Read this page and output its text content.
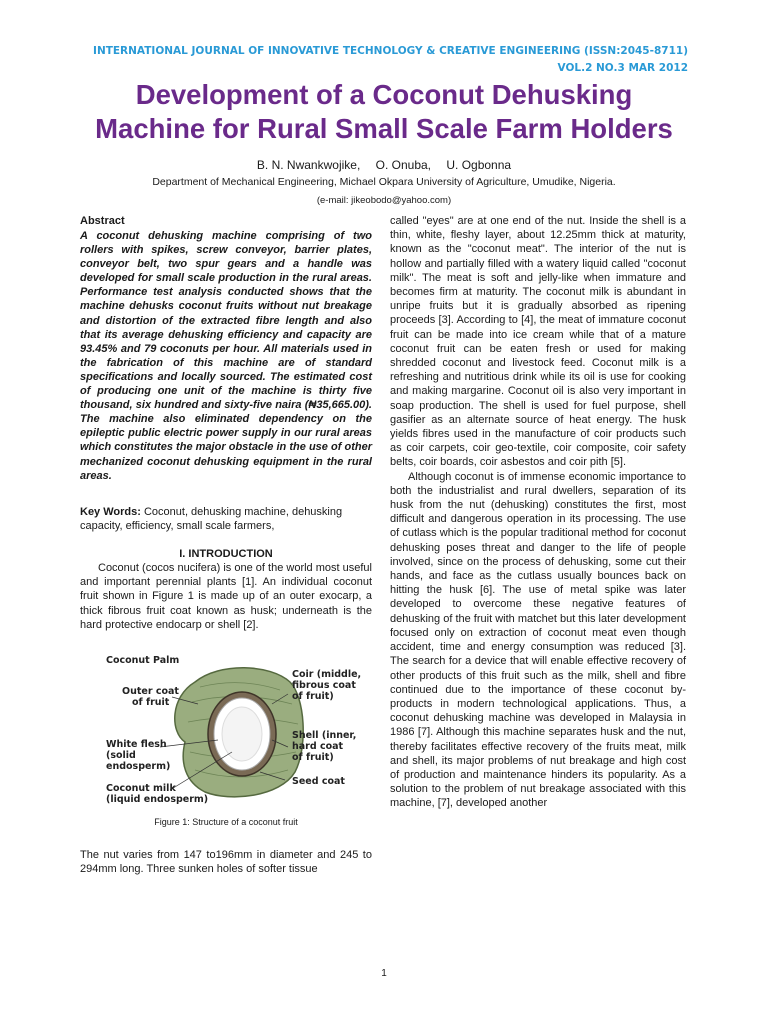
INTERNATIONAL JOURNAL OF INNOVATIVE TECHNOLOGY & CREATIVE ENGINEERING (ISSN:2045-8711)
VOL.2 NO.3 MAR 2012
Development of a Coconut Dehusking
Machine for Rural Small Scale Farm Holders
B. N. Nwankwojike, O. Onuba, U. Ogbonna
Department of Mechanical Engineering, Michael Okpara University of Agriculture, Umudike, Nigeria.
(e-mail: jikeobodo@yahoo.com)
Abstract
A coconut dehusking machine comprising of two rollers with spikes, screw conveyor, barrier plates, conveyor belt, two spur gears and a handle was developed for small scale production in the rural areas. Performance test analysis conducted shows that the machine dehusks coconut fruits without nut breakage and distortion of the extracted fibre length and also that its average dehusking efficiency and capacity are 93.45% and 79 coconuts per hour. All materials used in the fabrication of this machine are of standard specifications and locally sourced. The estimated cost of producing one unit of the machine is thirty five thousand, six hundred and sixty-five naira (₦35,665.00). The machine also eliminated dependency on the epileptic public electric power supply in our rural areas which constitutes the major obstacle in the use of other mechanized coconut dehusking equipment in the rural areas.
Key Words: Coconut, dehusking machine, dehusking capacity, efficiency, small scale farmers,
I. INTRODUCTION

Coconut (cocos nucifera) is one of the world most useful and important perennial plants [1]. An individual coconut fruit shown in Figure 1 is made up of an outer exocarp, a thick fibrous fruit coat known as husk; underneath is the hard protective endocarp or shell [2].

Coconut Palm
Outer coat of fruit
Coir (middle, fibrous coat of fruit)
White flesh (solid endosperm)
Shell (inner, hard coat of fruit)
Seed coat
Coconut milk (liquid endosperm)
Figure 1: Structure of a coconut fruit
The nut varies from 147 to196mm in diameter and 245 to 294mm long. Three sunken holes of softer tissue

called "eyes" are at one end of the nut. Inside the shell is a thin, white, fleshy layer, about 12.25mm thick at maturity, known as the "coconut meat". The interior of the nut is hollow and partially filled with a watery liquid called "coconut milk". The meat is soft and jelly-like when immature and becomes firm at maturity. The coconut milk is abundant in unripe fruits but it is gradually absorbed as ripening proceeds [3]. According to [4], the meat of immature coconut fruit can be made into ice cream while that of a mature coconut fruit can be eaten fresh or used for making shredded coconut and livestock feed. Coconut milk is a refreshing and nutritious drink while its oil is use for cooking and making margarine. Coconut oil is also very important in soap production. The shell is used for fuel purpose, shell gasifier as an alternate source of heat energy. The husk yields fibres used in the manufacture of coir products such as coir carpets, coir geo-textile, coir composite, coir safety belts, coir boards, coir asbestos and coir pith [5].

Although coconut is of immense economic importance to both the industrialist and rural dwellers, separation of its husk from the nut (dehusking) constitutes the first, most difficult and dangerous operation in its processing. The use of cutlass which is the popular traditional method for coconut dehusking poses threat and danger to the life of people involved, since on the process of dehusking, some cut their hands, and face as the cutlass usually bounces back on hitting the husk [6]. The use of metal spike was later developed to overcome these negative features of dehusking of the fruit with matchet but this later development focused only on extraction of coconut meat even though accident, time and energy consumption was reduced [3]. The search for a device that will enable effective recovery of other products of this fruit such as the milk, shell and fibre continued due to the importance of these coconut by-products in modern technological applications. Thus, a coconut dehusking machine was developed in Malaysia in 1986 [7]. Although this machine separates husk and the nut, thereby facilitates effective recovery of the fruits meat, milk and shell, its major problems of nut breakage and high cost of production and maintenance hinders its popularity. As a solution to the problem of nut breakage associated with this machine, [7], developed another

1
